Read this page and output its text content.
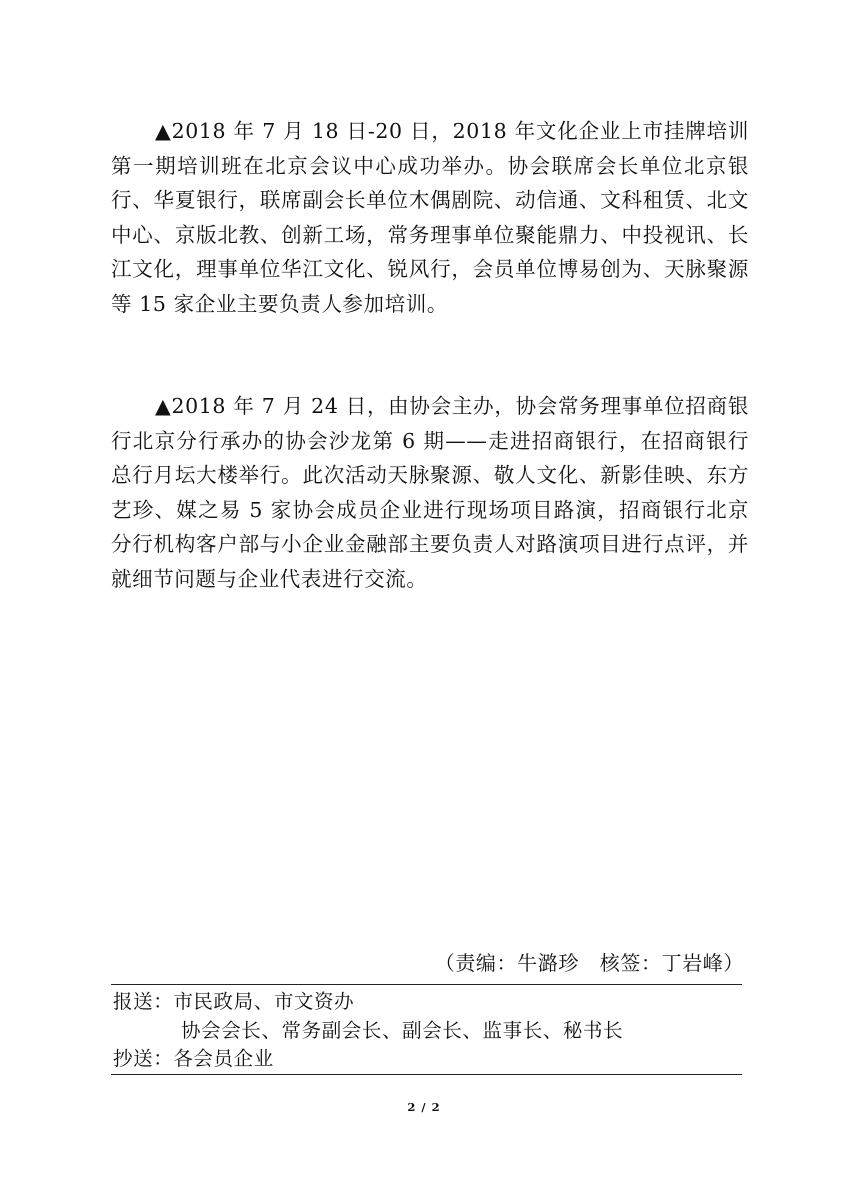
▲2018 年 7 月 18 日-20 日，2018 年文化企业上市挂牌培训第一期培训班在北京会议中心成功举办。协会联席会长单位北京银行、华夏银行，联席副会长单位木偶剧院、动信通、文科租赁、北文中心、京版北教、创新工场，常务理事单位聚能鼎力、中投视讯、长江文化，理事单位华江文化、锐风行，会员单位博易创为、天脉聚源等 15 家企业主要负责人参加培训。

▲2018 年 7 月 24 日，由协会主办，协会常务理事单位招商银行北京分行承办的协会沙龙第 6 期——走进招商银行，在招商银行总行月坛大楼举行。此次活动天脉聚源、敬人文化、新影佳映、东方艺珍、媒之易 5 家协会成员企业进行现场项目路演，招商银行北京分行机构客户部与小企业金融部主要负责人对路演项目进行点评，并就细节问题与企业代表进行交流。

（责编：牛潞珍   核签：丁岩峰）
报送：市民政局、市文资办
协会会长、常务副会长、副会长、监事长、秘书长
抄送：各会员企业
2 / 2
